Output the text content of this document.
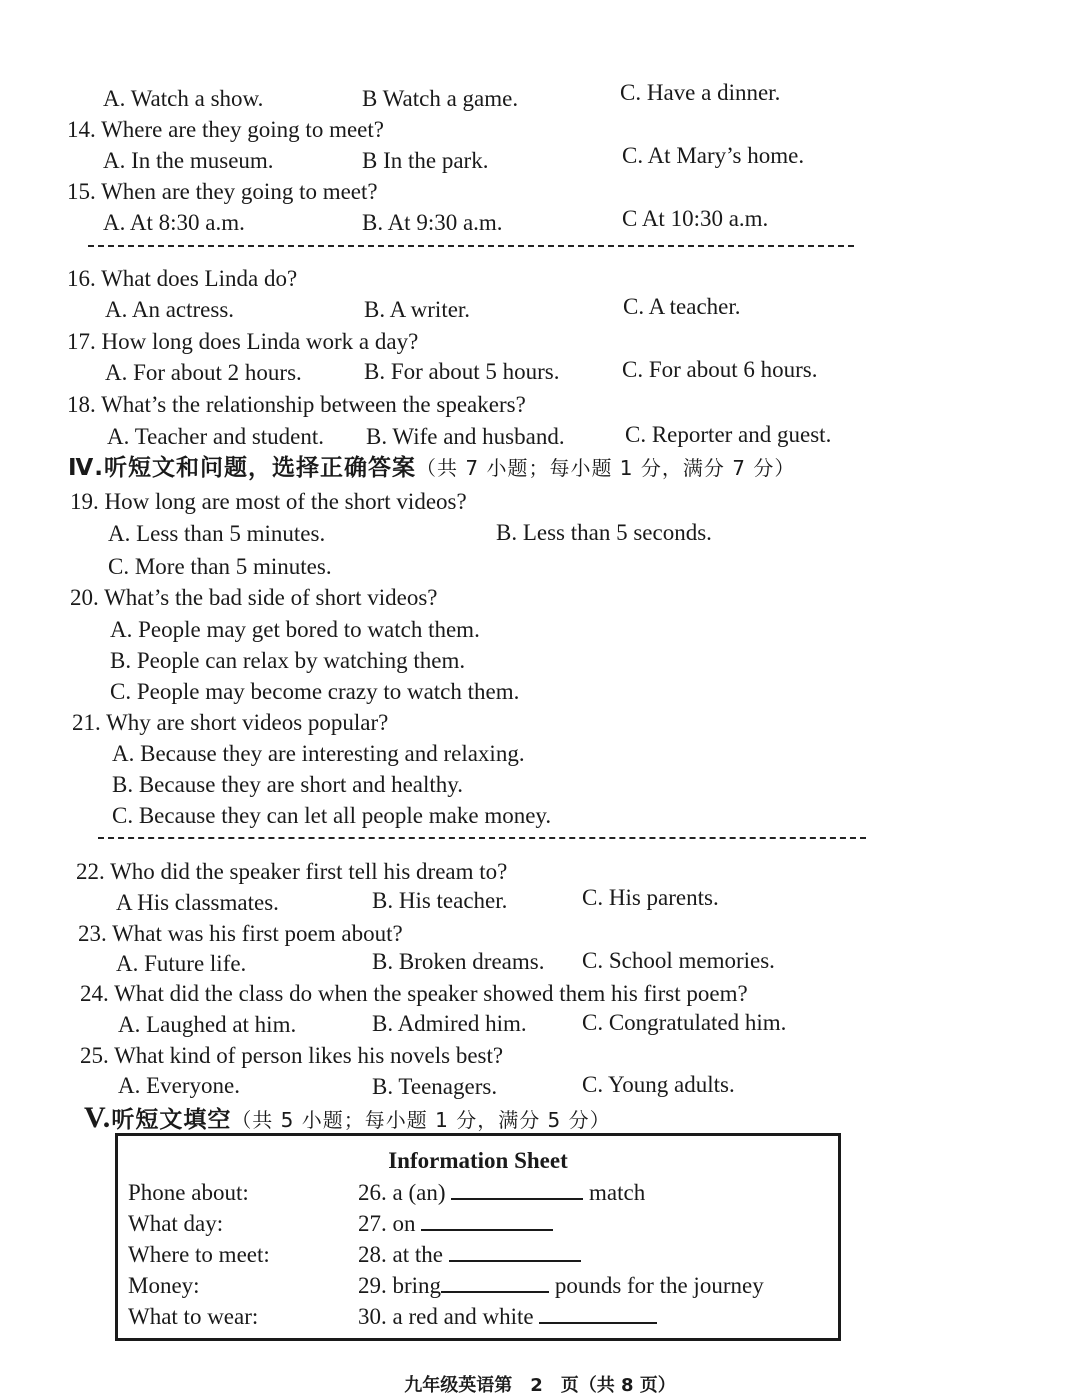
A. Watch a show.	B Watch a game.	C. Have a dinner.
14. Where are they going to meet?
A. In the museum.	B In the park.	C. At Mary’s home.
15. When are they going to meet?
A. At 8:30 a.m.	B. At 9:30 a.m.	C At 10:30 a.m.
16. What does Linda do?
A. An actress.	B. A writer.	C. A teacher.
17. How long does Linda work a day?
A. For about 2 hours.	B. For about 5 hours.	C. For about 6 hours.
18. What’s the relationship between the speakers?
A. Teacher and student. B. Wife and husband.	C. Reporter and guest.
Ⅳ.听短文和问题，选择正确答案（共 7 小题；每小题 1 分，满分 7 分）
19. How long are most of the short videos?
A. Less than 5 minutes.	B. Less than 5 seconds.
C. More than 5 minutes.
20. What’s the bad side of short videos?
A. People may get bored to watch them.
B. People can relax by watching them.
C. People may become crazy to watch them.
21. Why are short videos popular?
A. Because they are interesting and relaxing.
B. Because they are short and healthy.
C. Because they can let all people make money.
22. Who did the speaker first tell his dream to?
A His classmates.	B. His teacher.	C. His parents.
23. What was his first poem about?
A. Future life.	B. Broken dreams. C. School memories.
24. What did the class do when the speaker showed them his first poem?
A. Laughed at him.	B. Admired him. C. Congratulated him.
25. What kind of person likes his novels best?
A. Everyone.	B. Teenagers.	C. Young adults.
V.听短文填空（共 5 小题；每小题 1 分，满分 5 分）
Information Sheet
Phone about:	26. a (an)	match
What day:	27. on
Where to meet:	28. at the
Money:	29. bring	pounds for the journey
What to wear:	30. a red and white
九年级英语第　2　页（共 8 页）
